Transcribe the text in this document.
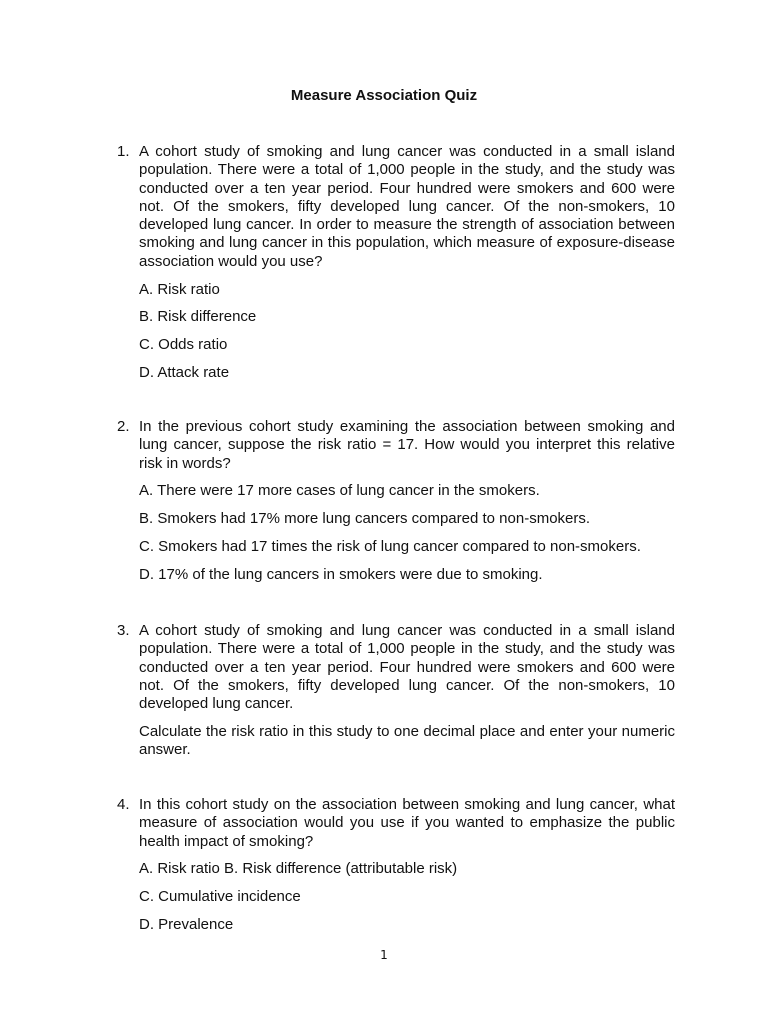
Measure Association Quiz
1. A cohort study of smoking and lung cancer was conducted in a small island population. There were a total of 1,000 people in the study, and the study was conducted over a ten year period. Four hundred were smokers and 600 were not. Of the smokers, fifty developed lung cancer. Of the non-smokers, 10 developed lung cancer. In order to measure the strength of association between smoking and lung cancer in this population, which measure of exposure-disease association would you use?
A. Risk ratio
B. Risk difference
C. Odds ratio
D. Attack rate
2. In the previous cohort study examining the association between smoking and lung cancer, suppose the risk ratio = 17. How would you interpret this relative risk in words?
A. There were 17 more cases of lung cancer in the smokers.
B. Smokers had 17% more lung cancers compared to non-smokers.
C. Smokers had 17 times the risk of lung cancer compared to non-smokers.
D. 17% of the lung cancers in smokers were due to smoking.
3. A cohort study of smoking and lung cancer was conducted in a small island population. There were a total of 1,000 people in the study, and the study was conducted over a ten year period. Four hundred were smokers and 600 were not. Of the smokers, fifty developed lung cancer. Of the non-smokers, 10 developed lung cancer.
Calculate the risk ratio in this study to one decimal place and enter your numeric answer.
4. In this cohort study on the association between smoking and lung cancer, what measure of association would you use if you wanted to emphasize the public health impact of smoking?
A. Risk ratio B. Risk difference (attributable risk)
C. Cumulative incidence
D. Prevalence
1
